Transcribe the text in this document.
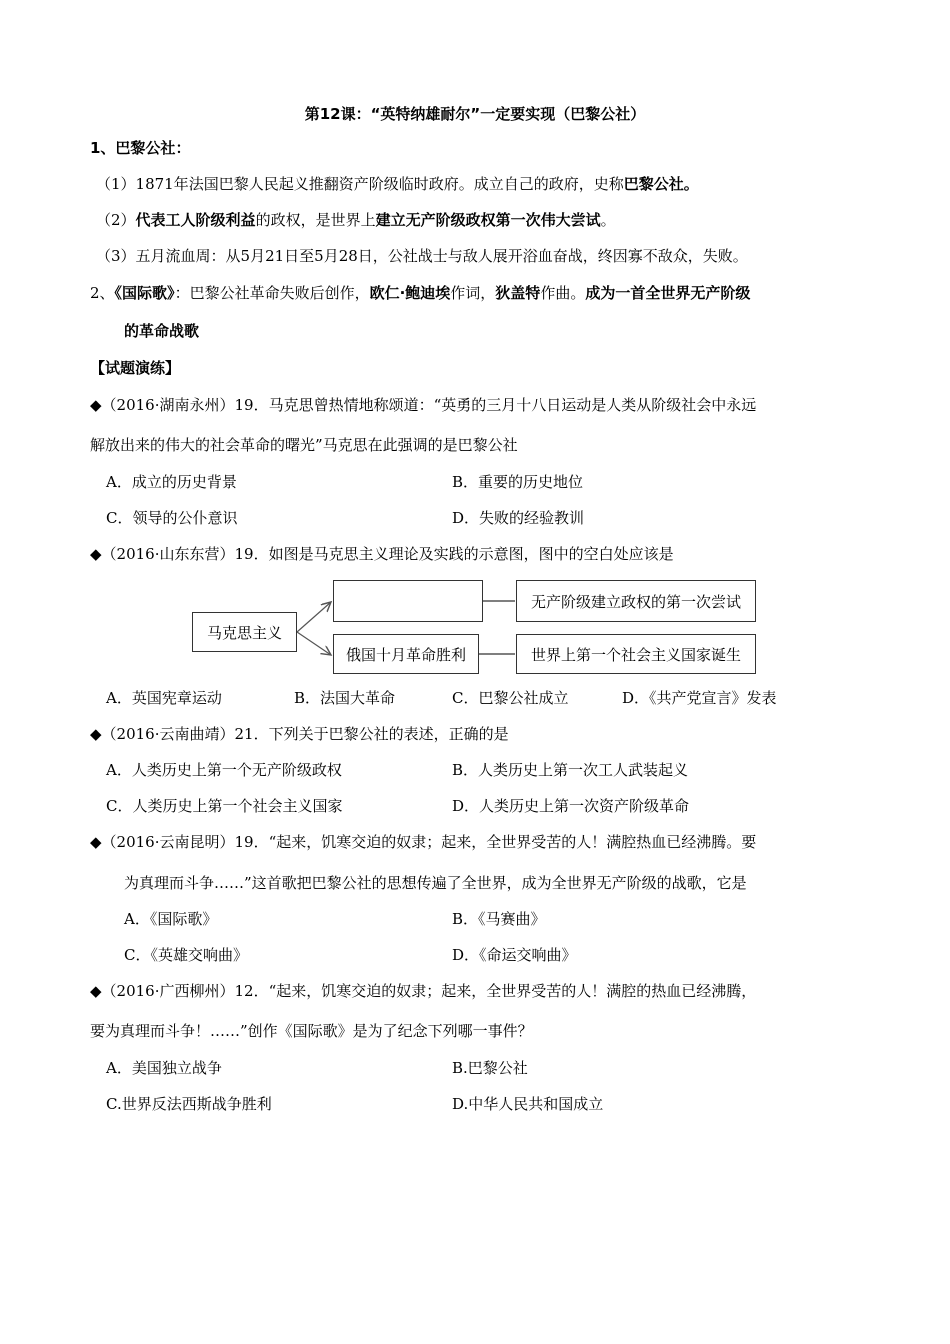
第12课：“英特纳雄耐尔”一定要实现（巴黎公社）
1、巴黎公社：
（1）1871年法国巴黎人民起义推翻资产阶级临时政府。成立自己的政府，史称巴黎公社。
（2）代表工人阶级利益的政权，是世界上建立无产阶级政权第一次伟大尝试。
（3）五月流血周：从5月21日至5月28日，公社战士与敌人展开浴血奋战，终因寡不敌众，失败。
2、《国际歌》：巴黎公社革命失败后创作，欧仁·鲍迪埃作词，狄盖特作曲。成为一首全世界无产阶级
的革命战歌
【试题演练】
◆（2016·湖南永州）19．马克思曾热情地称颂道：“英勇的三月十八日运动是人类从阶级社会中永远
解放出来的伟大的社会革命的曙光”马克思在此强调的是巴黎公社
A．成立的历史背景	B．重要的历史地位
C．领导的公仆意识	D．失败的经验教训
◆（2016·山东东营）19．如图是马克思主义理论及实践的示意图，图中的空白处应该是
马克思主义
无产阶级建立政权的第一次尝试
俄国十月革命胜利	世界上第一个社会主义国家诞生
A．英国宪章运动	B．法国大革命	C．巴黎公社成立	D．《共产党宣言》发表
◆（2016·云南曲靖）21．下列关于巴黎公社的表述，正确的是
A．人类历史上第一个无产阶级政权	B．人类历史上第一次工人武装起义
C．人类历史上第一个社会主义国家	D．人类历史上第一次资产阶级革命
◆（2016·云南昆明）19．“起来，饥寒交迫的奴隶；起来，全世界受苦的人！满腔热血已经沸腾。要
为真理而斗争……”这首歌把巴黎公社的思想传遍了全世界，成为全世界无产阶级的战歌，它是
A．《国际歌》	B．《马赛曲》
C．《英雄交响曲》	D．《命运交响曲》
◆（2016·广西柳州）12．“起来，饥寒交迫的奴隶；起来，全世界受苦的人！满腔的热血已经沸腾，
要为真理而斗争！……”创作《国际歌》是为了纪念下列哪一事件？
A．美国独立战争	B.巴黎公社
C.世界反法西斯战争胜利	D.中华人民共和国成立
